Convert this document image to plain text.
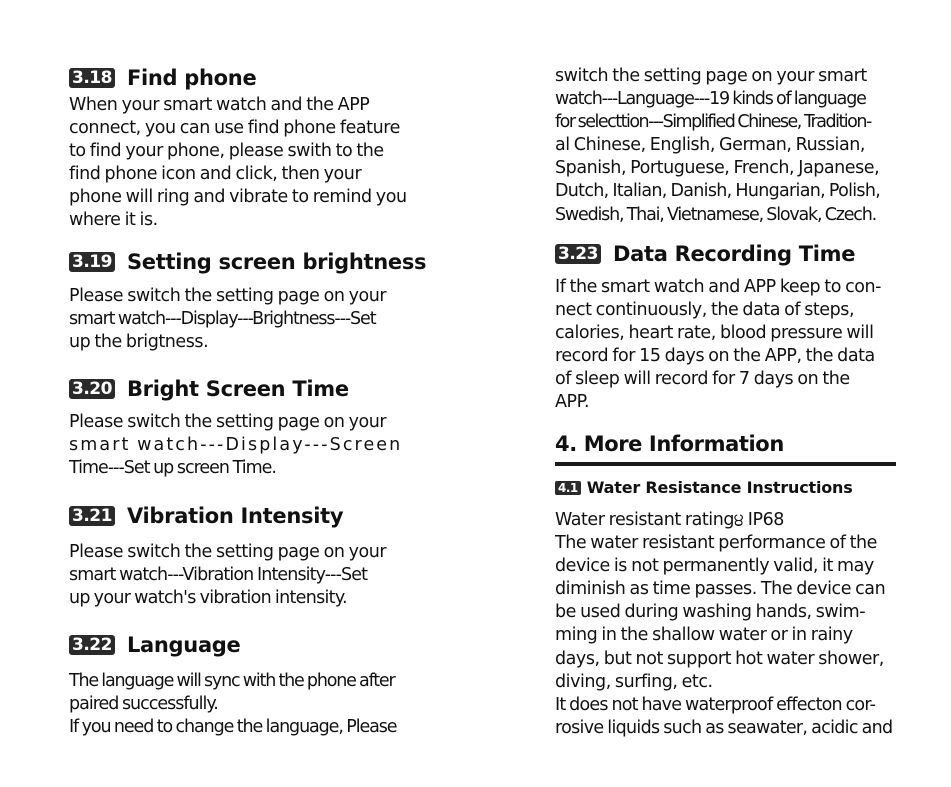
3.18 Find phone

When your smart watch and the APP
connect, you can use find phone feature
to find your phone, please swith to the
find phone icon and click, then your
phone will ring and vibrate to remind you
where it is.

3.19 Setting screen brightness

Please switch the setting page on your
smart watch---Display---Brightness---Set
up the brigtness.

3.20 Bright Screen Time

Please switch the setting page on your
smart watch---Display---Screen
Time---Set up screen Time.

3.21 Vibration Intensity

Please switch the setting page on your
smart watch---Vibration Intensity---Set
up your watch's vibration intensity.

3.22 Language

The language will sync with the phone after
paired successfully.
If you need to change the language, Please

switch the setting page on your smart
watch---Language---19 kinds of language
for selecttion---Simplified Chinese, Tradition-
al Chinese, English, German, Russian,
Spanish, Portuguese, French, Japanese,
Dutch, Italian, Danish, Hungarian, Polish,
Swedish, Thai, Vietnamese, Slovak, Czech.

3.23 Data Recording Time

If the smart watch and APP keep to con-
nect continuously, the data of steps,
calories, heart rate, blood pressure will
record for 15 days on the APP, the data
of sleep will record for 7 days on the
APP.

4. More Information
4.1 Water Resistance Instructions

Water resistant rating੪ IP68
The water resistant performance of the
device is not permanently valid, it may
diminish as time passes. The device can
be used during washing hands, swim-
ming in the shallow water or in rainy
days, but not support hot water shower,
diving, surfing, etc.
It does not have waterproof effecton cor-
rosive liquids such as seawater, acidic and
